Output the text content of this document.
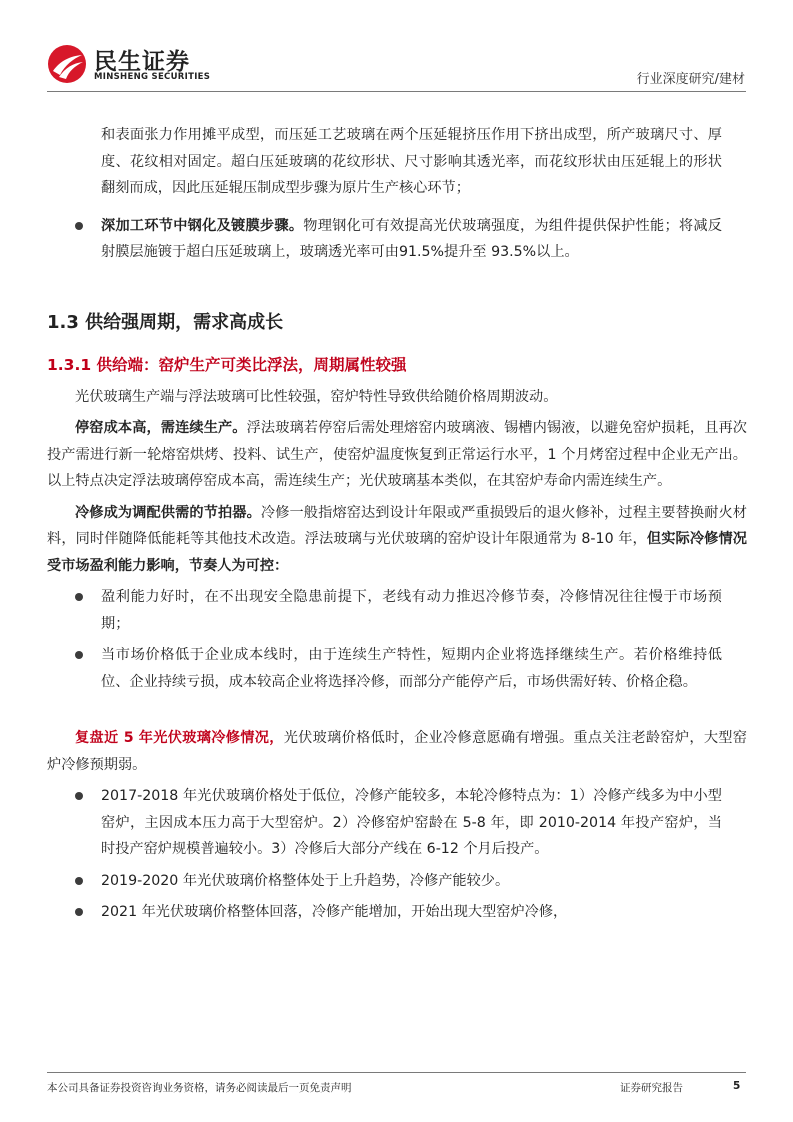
民生证券
MINSHENG SECURITIES	行业深度研究/建材

和表面张力作用摊平成型，而压延工艺玻璃在两个压延辊挤压作用下挤出成型，所产玻璃尺寸、厚度、花纹相对固定。超白压延玻璃的花纹形状、尺寸影响其透光率，而花纹形状由压延辊上的形状翻刻而成，因此压延辊压制成型步骤为原片生产核心环节；

深加工环节中钢化及镀膜步骤。物理钢化可有效提高光伏玻璃强度，为组件提供保护性能；将减反射膜层施镀于超白压延玻璃上，玻璃透光率可由91.5%提升至 93.5%以上。

1.3 供给强周期，需求高成长
1.3.1 供给端：窑炉生产可类比浮法，周期属性较强

光伏玻璃生产端与浮法玻璃可比性较强，窑炉特性导致供给随价格周期波动。

停窑成本高，需连续生产。浮法玻璃若停窑后需处理熔窑内玻璃液、锡槽内锡液，以避免窑炉损耗，且再次投产需进行新一轮熔窑烘烤、投料、试生产，使窑炉温度恢复到正常运行水平，1 个月烤窑过程中企业无产出。以上特点决定浮法玻璃停窑成本高，需连续生产；光伏玻璃基本类似，在其窑炉寿命内需连续生产。

冷修成为调配供需的节拍器。冷修一般指熔窑达到设计年限或严重损毁后的退火修补，过程主要替换耐火材料，同时伴随降低能耗等其他技术改造。浮法玻璃与光伏玻璃的窑炉设计年限通常为 8-10 年，但实际冷修情况受市场盈利能力影响，节奏人为可控：

盈利能力好时，在不出现安全隐患前提下，老线有动力推迟冷修节奏，冷修情况往往慢于市场预期；

当市场价格低于企业成本线时，由于连续生产特性，短期内企业将选择继续生产。若价格维持低位、企业持续亏损，成本较高企业将选择冷修，而部分产能停产后，市场供需好转、价格企稳。

复盘近 5 年光伏玻璃冷修情况，光伏玻璃价格低时，企业冷修意愿确有增强。重点关注老龄窑炉，大型窑炉冷修预期弱。

2017-2018 年光伏玻璃价格处于低位，冷修产能较多，本轮冷修特点为：1）冷修产线多为中小型窑炉，主因成本压力高于大型窑炉。2）冷修窑炉窑龄在 5-8 年，即 2010-2014 年投产窑炉，当时投产窑炉规模普遍较小。3）冷修后大部分产线在 6-12 个月后投产。

2019-2020 年光伏玻璃价格整体处于上升趋势，冷修产能较少。

2021 年光伏玻璃价格整体回落，冷修产能增加，开始出现大型窑炉冷修，

本公司具备证券投资咨询业务资格，请务必阅读最后一页免责声明	证券研究报告	5
